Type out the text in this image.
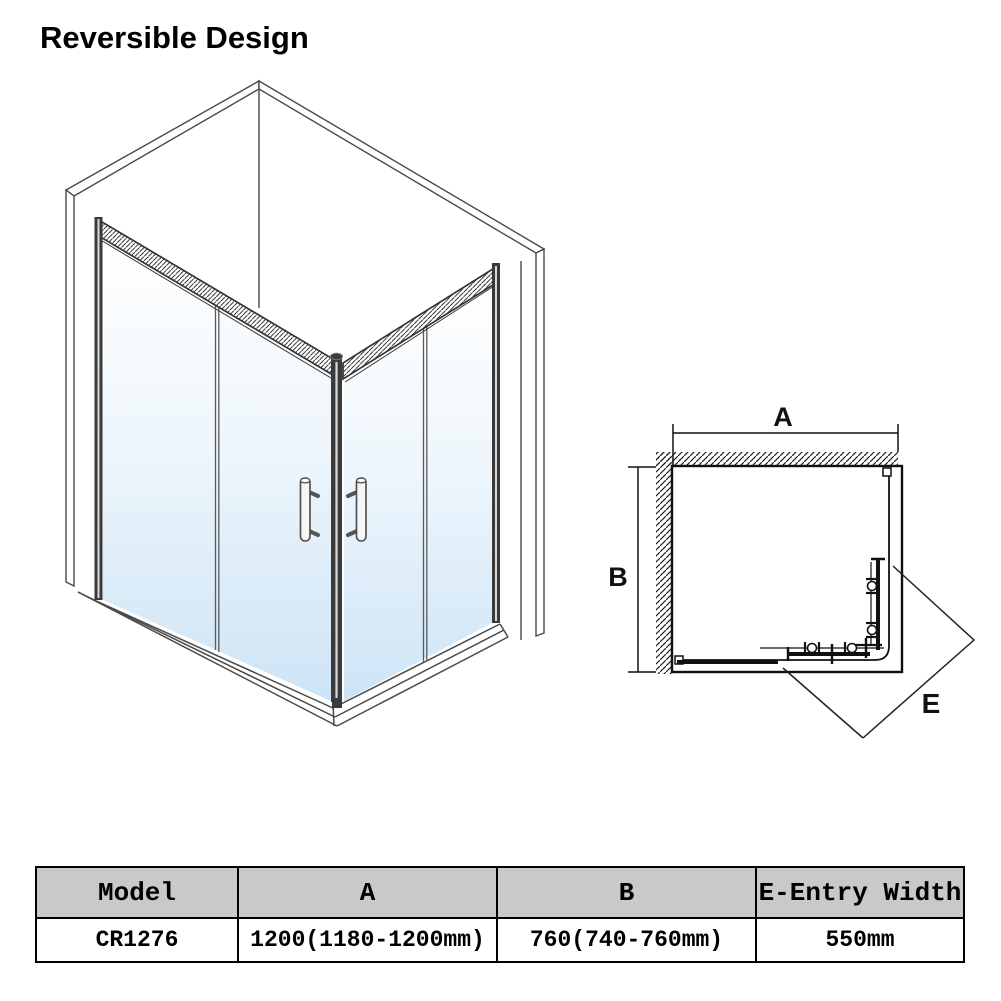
Reversible Design
A
B
E
Model	A	B	E-Entry Width
CR1276	1200(1180-1200mm)	760(740-760mm)	550mm
